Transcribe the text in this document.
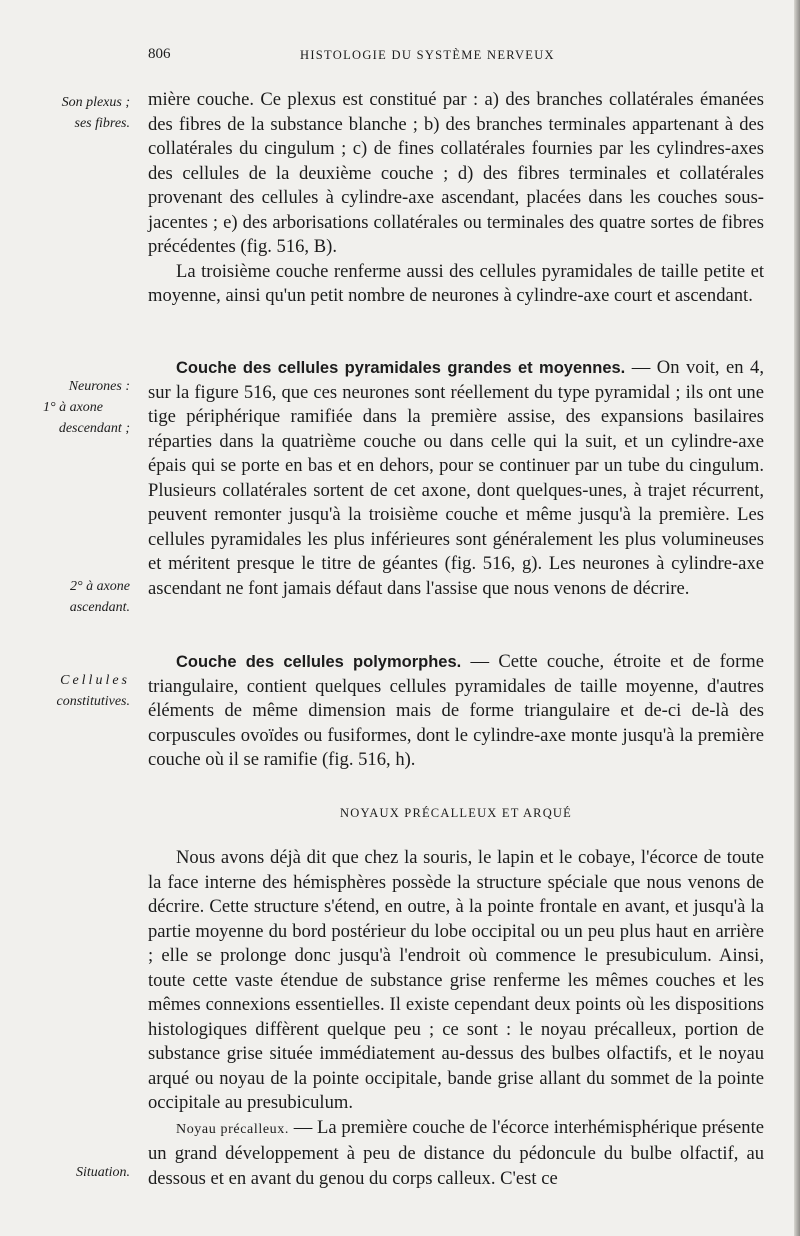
806	HISTOLOGIE DU SYSTÈME NERVEUX
Son plexus ;
ses fibres.
Neurones :
1° à axone
descendant ;
2° à axone
ascendant.
Cellules
constitutives.
Situation.

mière couche. Ce plexus est constitué par : a) des branches collatérales émanées des fibres de la substance blanche ; b) des branches terminales appartenant à des collatérales du cingulum ; c) de fines collatérales fournies par les cylindres-axes des cellules de la deuxième couche ; d) des fibres terminales et collatérales provenant des cellules à cylindre-axe ascendant, placées dans les couches sous-jacentes ; e) des arborisations collatérales ou terminales des quatre sortes de fibres précédentes (fig. 516, B).

La troisième couche renferme aussi des cellules pyramidales de taille petite et moyenne, ainsi qu'un petit nombre de neurones à cylindre-axe court et ascendant.

Couche des cellules pyramidales grandes et moyennes. — On voit, en 4, sur la figure 516, que ces neurones sont réellement du type pyramidal ; ils ont une tige périphérique ramifiée dans la première assise, des expansions basilaires réparties dans la quatrième couche ou dans celle qui la suit, et un cylindre-axe épais qui se porte en bas et en dehors, pour se continuer par un tube du cingulum. Plusieurs collatérales sortent de cet axone, dont quelques-unes, à trajet récurrent, peuvent remonter jusqu'à la troisième couche et même jusqu'à la première. Les cellules pyramidales les plus inférieures sont généralement les plus volumineuses et méritent presque le titre de géantes (fig. 516, g). Les neurones à cylindre-axe ascendant ne font jamais défaut dans l'assise que nous venons de décrire.

Couche des cellules polymorphes. — Cette couche, étroite et de forme triangulaire, contient quelques cellules pyramidales de taille moyenne, d'autres éléments de même dimension mais de forme triangulaire et de-ci de-là des corpuscules ovoïdes ou fusiformes, dont le cylindre-axe monte jusqu'à la première couche où il se ramifie (fig. 516, h).

NOYAUX PRÉCALLEUX ET ARQUÉ

Nous avons déjà dit que chez la souris, le lapin et le cobaye, l'écorce de toute la face interne des hémisphères possède la structure spéciale que nous venons de décrire. Cette structure s'étend, en outre, à la pointe frontale en avant, et jusqu'à la partie moyenne du bord postérieur du lobe occipital ou un peu plus haut en arrière ; elle se prolonge donc jusqu'à l'endroit où commence le presubiculum. Ainsi, toute cette vaste étendue de substance grise renferme les mêmes couches et les mêmes connexions essentielles. Il existe cependant deux points où les dispositions histologiques diffèrent quelque peu ; ce sont : le noyau précalleux, portion de substance grise située immédiatement au-dessus des bulbes olfactifs, et le noyau arqué ou noyau de la pointe occipitale, bande grise allant du sommet de la pointe occipitale au presubiculum.

Noyau précalleux. — La première couche de l'écorce interhémisphérique présente un grand développement à peu de distance du pédoncule du bulbe olfactif, au dessous et en avant du genou du corps calleux. C'est ce
